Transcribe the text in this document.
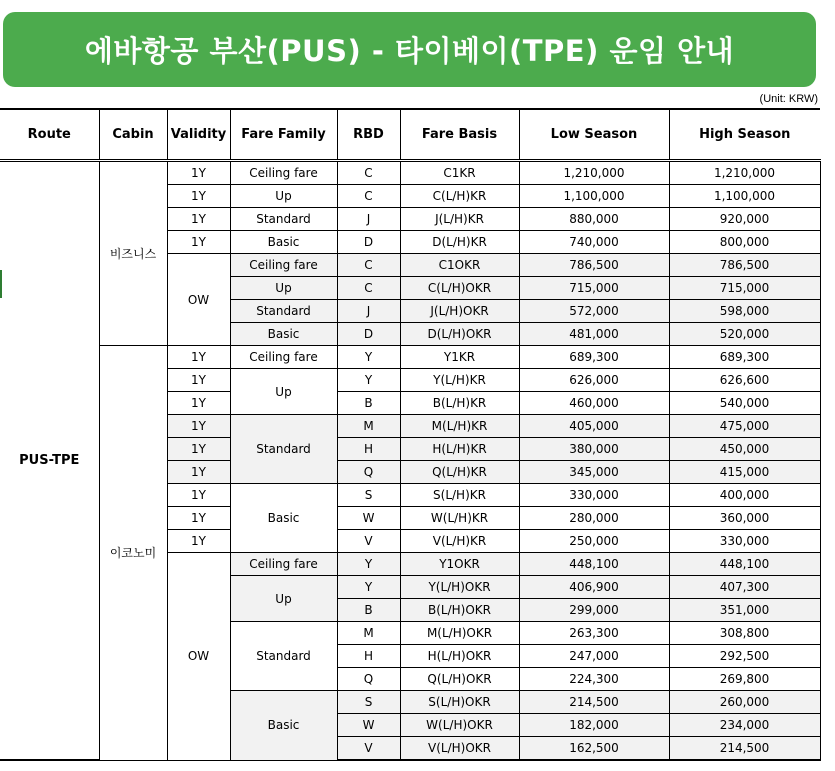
에바항공 부산(PUS) - 타이베이(TPE) 운임 안내
(Unit: KRW)
Route	Cabin	Validity	Fare Family	RBD	Fare Basis	Low Season	High Season
PUS-TPE	비즈니스	1Y	Ceiling fare	C	C1KR	1,210,000	1,210,000
		1Y	Up	C	C(L/H)KR	1,100,000	1,100,000
		1Y	Standard	J	J(L/H)KR	880,000	920,000
		1Y	Basic	D	D(L/H)KR	740,000	800,000
		OW	Ceiling fare	C	C1OKR	786,500	786,500
			Up	C	C(L/H)OKR	715,000	715,000
			Standard	J	J(L/H)OKR	572,000	598,000
			Basic	D	D(L/H)OKR	481,000	520,000
	이코노미	1Y	Ceiling fare	Y	Y1KR	689,300	689,300
		1Y	Up	Y	Y(L/H)KR	626,000	626,600
		1Y		B	B(L/H)KR	460,000	540,000
		1Y	Standard	M	M(L/H)KR	405,000	475,000
		1Y		H	H(L/H)KR	380,000	450,000
		1Y		Q	Q(L/H)KR	345,000	415,000
		1Y	Basic	S	S(L/H)KR	330,000	400,000
		1Y		W	W(L/H)KR	280,000	360,000
		1Y		V	V(L/H)KR	250,000	330,000
		OW	Ceiling fare	Y	Y1OKR	448,100	448,100
			Up	Y	Y(L/H)OKR	406,900	407,300
				B	B(L/H)OKR	299,000	351,000
			Standard	M	M(L/H)OKR	263,300	308,800
				H	H(L/H)OKR	247,000	292,500
				Q	Q(L/H)OKR	224,300	269,800
			Basic	S	S(L/H)OKR	214,500	260,000
				W	W(L/H)OKR	182,000	234,000
				V	V(L/H)OKR	162,500	214,500
